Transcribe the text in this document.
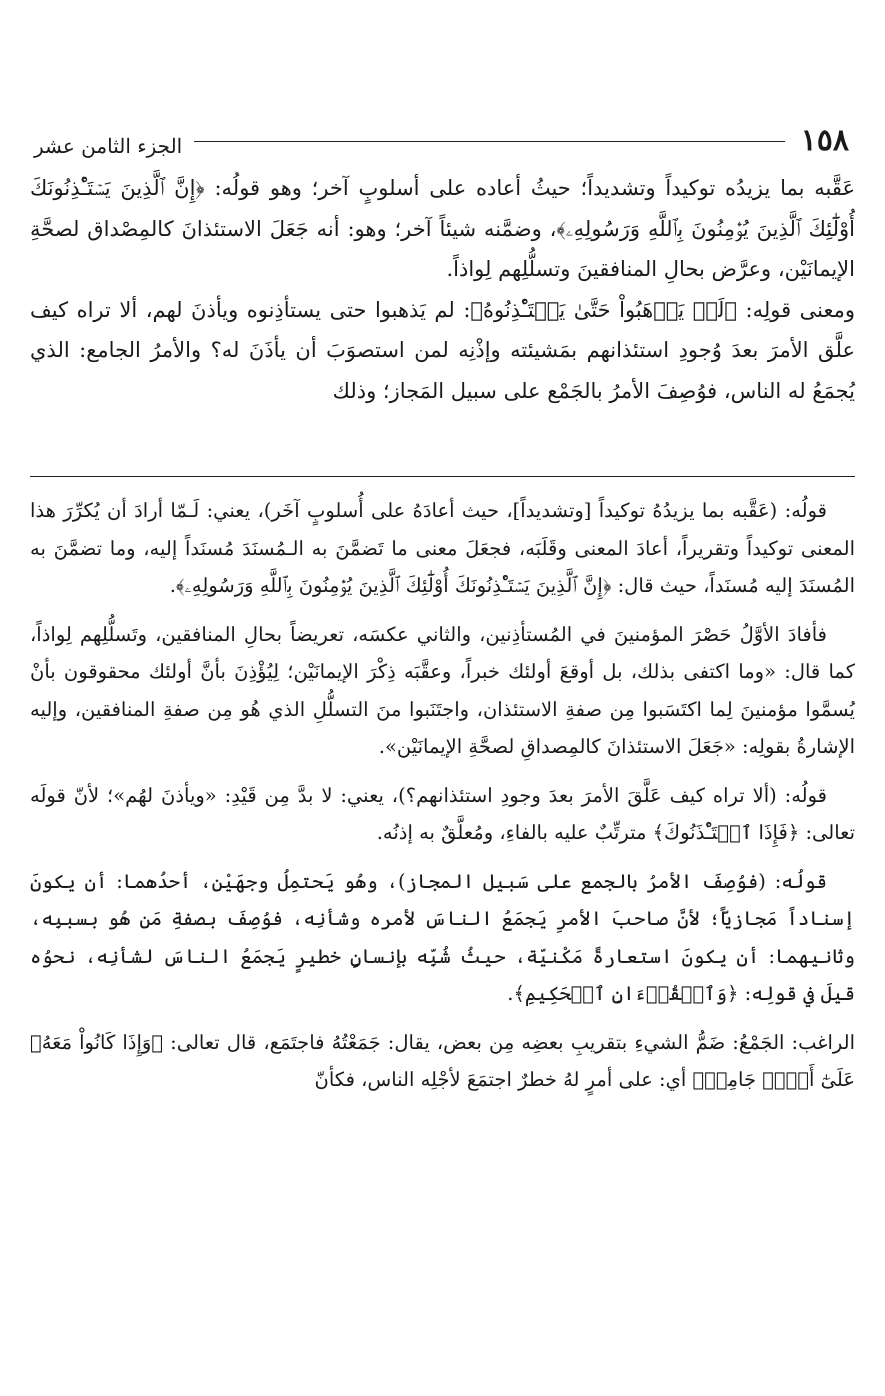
١٥٨
الجزء الثامن عشر

عَقَّبه بما يزيدُه توكيداً وتشديداً؛ حيثُ أعاده على أسلوبٍ آخر؛ وهو قولُه: ﴿إِنَّ ٱلَّذِينَ يَسۡتَـْٔذِنُونَكَ أُوْلَٰٓئِكَ ٱلَّذِينَ يُؤۡمِنُونَ بِٱللَّهِ وَرَسُولِهِۦ﴾، وضمَّنه شيئاً آخر؛ وهو: أنه جَعَلَ الاستئذانَ كالمِصْداق لصحَّةِ الإيمانَيْن، وعرَّض بحالِ المنافقينَ وتسلُّلِهم لِواذاً.

ومعنى قولِه: ﴿لَمۡ يَذۡهَبُواْ حَتَّىٰ يَسۡتَـْٔذِنُوهُ﴾: لم يَذهبوا حتى يستأذِنوه ويأذنَ لهم، ألا تراه كيف علَّق الأمرَ بعدَ وُجودِ استئذانهم بمَشيئته وإذْنِه لمن استصوَبَ أن يأذَنَ له؟ والأمرُ الجامع: الذي يُجمَعُ له الناس، فوُصِفَ الأمرُ بالجَمْع على سبيل المَجاز؛ وذلك

قولُه: (عَقَّبه بما يزيدُهُ توكيداً [وتشديداً]، حيث أعادَهُ على أُسلوبٍ آخَر)، يعني: لَـمّا أرادَ أن يُكرِّرَ هذا المعنى توكيداً وتقريراً، أعادَ المعنى وقَلَبَه، فجعَلَ معنى ما تَضمَّنَ به الـمُسنَدَ مُسنَداً إليه، وما تضمَّنَ به المُسنَدَ إليه مُسنَداً، حيث قال: ﴿إِنَّ ٱلَّذِينَ يَسۡتَـْٔذِنُونَكَ أُوْلَٰٓئِكَ ٱلَّذِينَ يُؤۡمِنُونَ بِٱللَّهِ وَرَسُولِهِۦ﴾.

فأفادَ الأوَّلُ حَصْرَ المؤمنينَ في المُستأذِنين، والثاني عكسَه، تعريضاً بحالِ المنافقين، وتَسلُّلِهم لِواذاً، كما قال: «وما اكتفى بذلك، بل أوقعَ أولئك خبراً، وعقَّبَه ذِكْرَ الإيمانَيْن؛ لِيُؤْذِنَ بأنَّ أولئك محقوقون بأنْ يُسمَّوا مؤمنينَ لِما اكتَسَبوا مِن صفةِ الاستئذان، واجتَنَبوا منَ التسلُّلِ الذي هُو مِن صفةِ المنافقين، وإليه الإشارةُ بقولِه: «جَعَلَ الاستئذانَ كالمِصداقِ لصحَّةِ الإيمانَيْن».

قولُه: (ألا تراه كيف عَلَّقَ الأمرَ بعدَ وجودِ استئذانهم؟)، يعني: لا بدَّ مِن قَيْدِ: «ويأذنَ لهُم»؛ لأنّ قولَه تعالى: ﴿فَإِذَا ٱسۡتَـْٔذَنُوكَ﴾ مترتِّبٌ عليه بالفاءِ، ومُعلَّقٌ به إذنُه.

قولُه: (فوُصِفَ الأمرُ بالجمع على سَبيل المجاز)، وهُو يَحتمِلُ وجهَيْن، أحدُهما: أن يكونَ إسناداً مَجازيّاً؛ لأنَّ صاحبَ الأمرِ يَجمَعُ الناسَ لأمره وشأنِه، فوُصِفَ بصفةِ مَن هُو بسببِه، وثانيهما: أن يكونَ استعارةً مَكْنيّة، حيثُ شُبِّه بإنسانٍ خطيرٍ يَجمَعُ الناسَ لشأنِه، نحوُه قيلَ في قولِه: ﴿وَٱلۡقُرۡءَانِ ٱلۡحَكِيمِ﴾.

الراغب: الجَمْعُ: ضَمُّ الشيءِ بتقريبِ بعضِه مِن بعض، يقال: جَمَعْتُهُ فاجتَمَع، قال تعالى: ﴿وَإِذَا كَانُواْ مَعَهُۥ عَلَىٰٓ أَمۡرٖ جَامِعٖ﴾ أي: على أمرٍ لهُ خطرٌ اجتمَعَ لأجْلِه الناس، فكأنّ
